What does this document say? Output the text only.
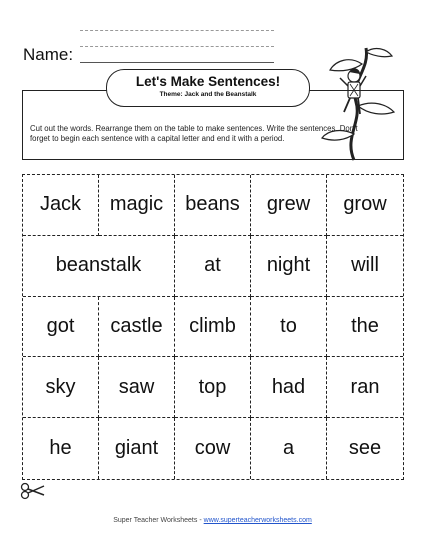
Name:
Let's Make Sentences!
Theme: Jack and the Beanstalk
Cut out the words. Rearrange them on the table to make sentences. Write the sentences. Don't forget to begin each sentence with a capital letter and end it with a period.
Jack	magic	beans	grew	grow
beanstalk	at	night	will
got	castle	climb	to	the
sky	saw	top	had	ran
he	giant	cow	a	see
Super Teacher Worksheets - www.superteacherworksheets.com
